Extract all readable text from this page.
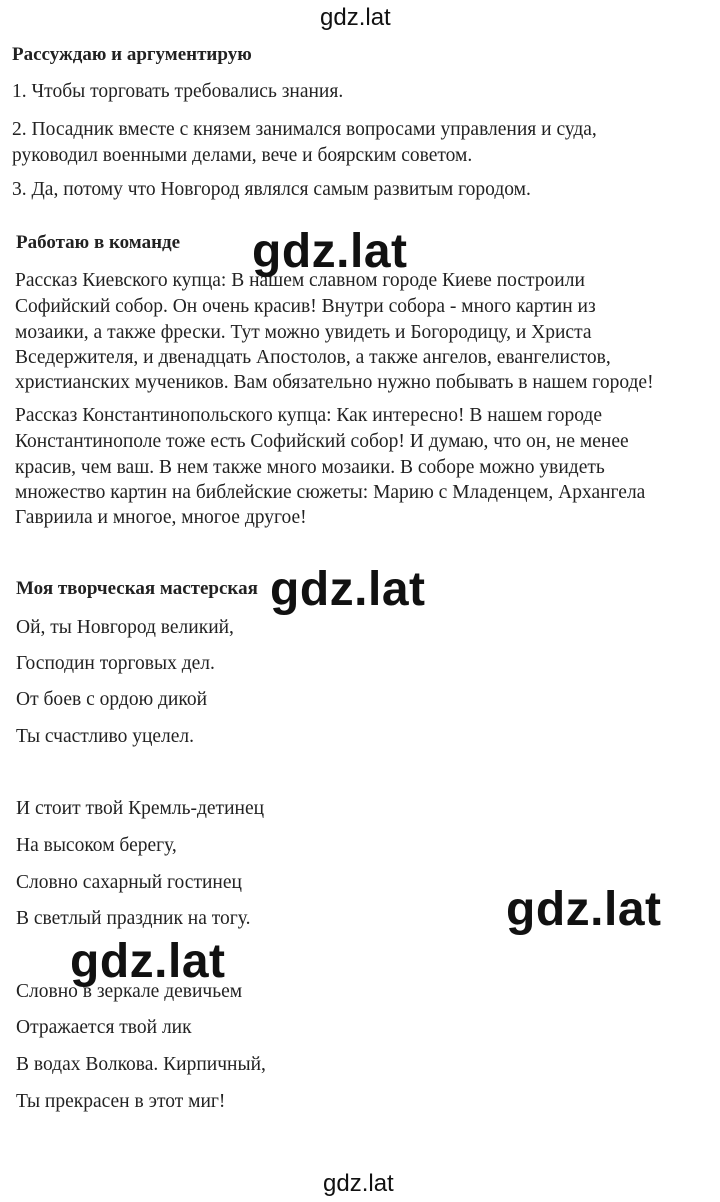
gdz.lat
Рассуждаю и аргументирую
1. Чтобы торговать требовались знания.
2. Посадник вместе с князем занимался вопросами управления и суда,
руководил военными делами, вече и боярским советом.
3. Да, потому что Новгород являлся самым развитым городом.
Работаю в команде
Рассказ Киевского купца: В нашем славном городе Киеве построили
Софийский собор. Он очень красив! Внутри собора - много картин из
мозаики, а также фрески. Тут можно увидеть и Богородицу, и Христа
Вседержителя, и двенадцать Апостолов, а также ангелов, евангелистов,
христианских мучеников. Вам обязательно нужно побывать в нашем городе!
Рассказ Константинопольского купца: Как интересно! В нашем городе
Константинополе тоже есть Софийский собор! И думаю, что он, не менее
красив, чем ваш. В нем также много мозаики. В соборе можно увидеть
множество картин на библейские сюжеты: Марию с Младенцем, Архангела
Гавриила и многое, многое другое!
Моя творческая мастерская
Ой, ты Новгород великий,
Господин торговых дел.
От боев с ордою дикой
Ты счастливо уцелел.
И стоит твой Кремль-детинец
На высоком берегу,
Словно сахарный гостинец
В светлый праздник на тогу.
Словно в зеркале девичьем
Отражается твой лик
В водах Волкова. Кирпичный,
Ты прекрасен в этот миг!
gdz.lat
gdz.lat
gdz.lat
gdz.lat
gdz.lat
